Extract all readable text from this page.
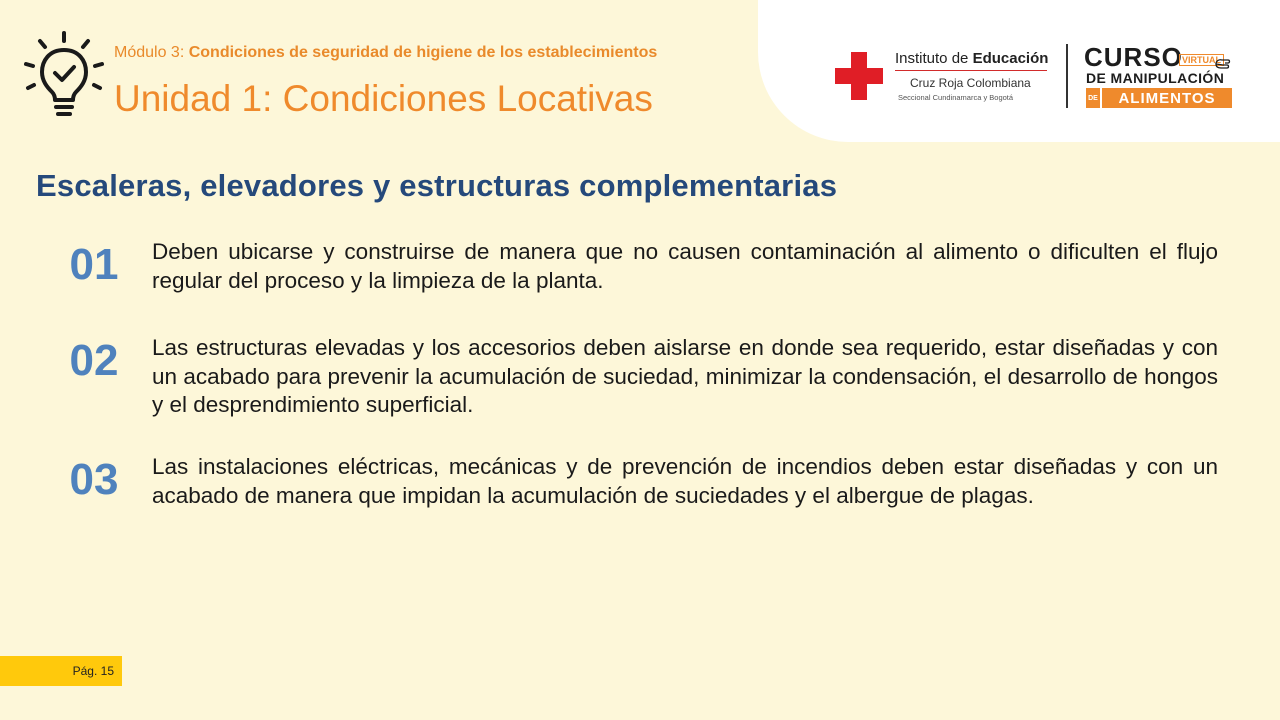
Módulo 3: Condiciones de seguridad de higiene de los establecimientos
Unidad 1: Condiciones Locativas
Instituto de Educación
Cruz Roja Colombiana
Seccional Cundinamarca y Bogotá
CURSO VIRTUAL
DE MANIPULACIÓN
DE	ALIMENTOS
Escaleras, elevadores y estructuras complementarias
01	Deben ubicarse y construirse de manera que no causen contaminación al alimento o dificulten el flujo regular del proceso y la limpieza de la planta.
02	Las estructuras elevadas y los accesorios deben aislarse en donde sea requerido, estar diseñadas y con un acabado para prevenir la acumulación de suciedad, minimizar la condensación, el desarrollo de hongos y el desprendimiento superficial.
03	Las instalaciones eléctricas, mecánicas y de prevención de incendios deben estar diseñadas y con un acabado de manera que impidan la acumulación de suciedades y el albergue de plagas.
Pág. 15
